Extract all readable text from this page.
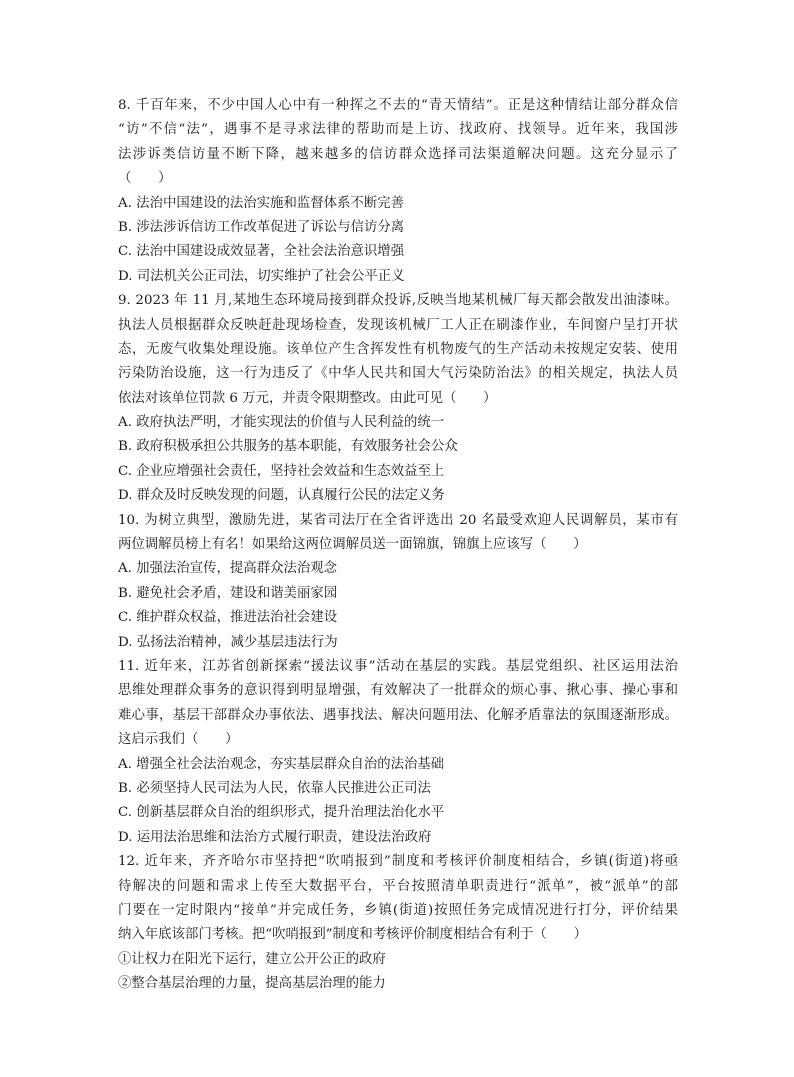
8. 千百年来，不少中国人心中有一种挥之不去的“青天情结”。正是这种情结让部分群众信
“访”不信“法”，遇事不是寻求法律的帮助而是上访、找政府、找领导。近年来，我国涉
法涉诉类信访量不断下降，越来越多的信访群众选择司法渠道解决问题。这充分显示了
（　　）
A. 法治中国建设的法治实施和监督体系不断完善
B. 涉法涉诉信访工作改革促进了诉讼与信访分离
C. 法治中国建设成效显著，全社会法治意识增强
D. 司法机关公正司法，切实维护了社会公平正义
9. 2023 年 11 月,某地生态环境局接到群众投诉,反映当地某机械厂每天都会散发出油漆味。
执法人员根据群众反映赶赴现场检查，发现该机械厂工人正在刷漆作业，车间窗户呈打开状
态，无废气收集处理设施。该单位产生含挥发性有机物废气的生产活动未按规定安装、使用
污染防治设施，这一行为违反了《中华人民共和国大气污染防治法》的相关规定，执法人员
依法对该单位罚款 6 万元，并责令限期整改。由此可见（　　）
A. 政府执法严明，才能实现法的价值与人民利益的统一
B. 政府积极承担公共服务的基本职能，有效服务社会公众
C. 企业应增强社会责任，坚持社会效益和生态效益至上
D. 群众及时反映发现的问题，认真履行公民的法定义务
10. 为树立典型，激励先进，某省司法厅在全省评选出 20 名最受欢迎人民调解员，某市有
两位调解员榜上有名！如果给这两位调解员送一面锦旗，锦旗上应该写（　　）
A. 加强法治宣传，提高群众法治观念
B. 避免社会矛盾，建设和谐美丽家园
C. 维护群众权益，推进法治社会建设
D. 弘扬法治精神，减少基层违法行为
11. 近年来，江苏省创新探索“援法议事”活动在基层的实践。基层党组织、社区运用法治
思维处理群众事务的意识得到明显增强，有效解决了一批群众的烦心事、揪心事、操心事和
难心事，基层干部群众办事依法、遇事找法、解决问题用法、化解矛盾靠法的氛围逐渐形成。
这启示我们（　　）
A. 增强全社会法治观念，夯实基层群众自治的法治基础
B. 必须坚持人民司法为人民，依靠人民推进公正司法
C. 创新基层群众自治的组织形式，提升治理法治化水平
D. 运用法治思维和法治方式履行职责，建设法治政府
12. 近年来，齐齐哈尔市坚持把“吹哨报到”制度和考核评价制度相结合，乡镇(街道)将亟
待解决的问题和需求上传至大数据平台，平台按照清单职责进行“派单”，被“派单”的部
门要在一定时限内“接单”并完成任务，乡镇(街道)按照任务完成情况进行打分，评价结果
纳入年底该部门考核。把“吹哨报到”制度和考核评价制度相结合有利于（　　）
①让权力在阳光下运行，建立公开公正的政府
②整合基层治理的力量，提高基层治理的能力
